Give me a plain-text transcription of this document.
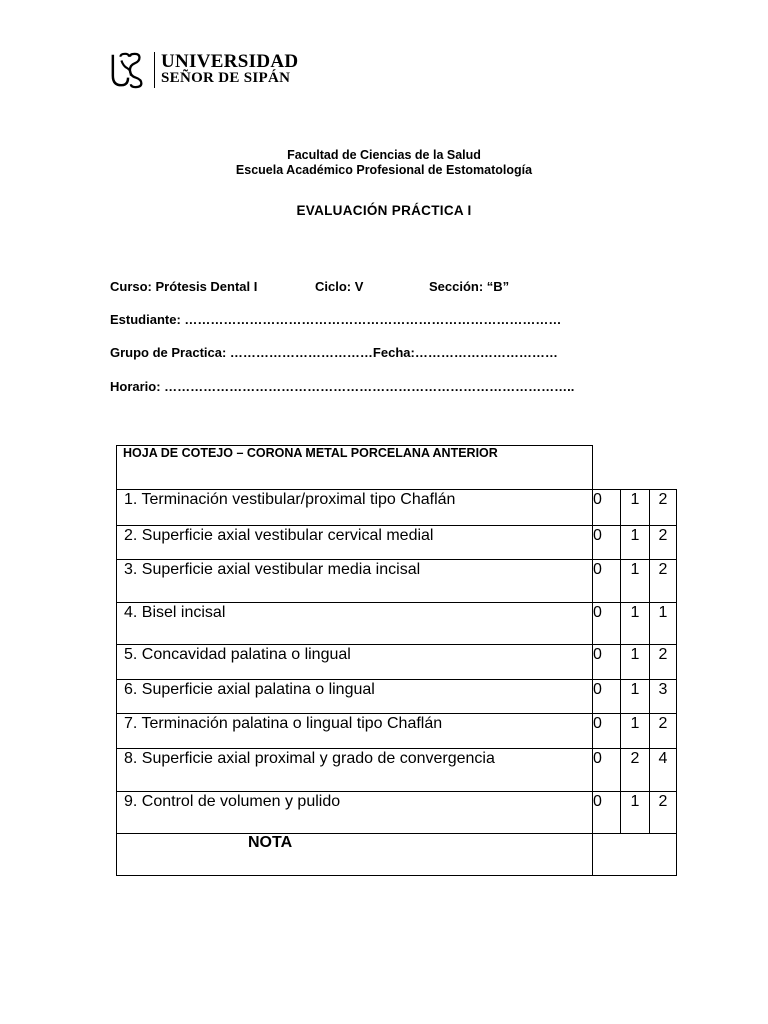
UNIVERSIDAD
SEÑOR DE SIPÁN
Facultad de Ciencias de la Salud
Escuela Académico Profesional de Estomatología
EVALUACIÓN PRÁCTICA I
Curso: Prótesis Dental I	Ciclo: V	Sección: “B”
Estudiante: ……………………………………………………………………………
Grupo de Practica: ……………………………Fecha:……………………………
Horario: …………………………………………………………………………………..
HOJA DE COTEJO – CORONA METAL PORCELANA ANTERIOR			
1. Terminación vestibular/proximal tipo Chaflán	0	1	2
2. Superficie axial vestibular cervical medial	0	1	2
3. Superficie axial vestibular media incisal	0	1	2
4. Bisel incisal	0	1	1
5. Concavidad palatina o lingual	0	1	2
6. Superficie axial palatina o lingual	0	1	3
7. Terminación palatina o lingual tipo Chaflán	0	1	2
8. Superficie axial proximal y grado de convergencia	0	2	4
9. Control de volumen y pulido	0	1	2
NOTA			
